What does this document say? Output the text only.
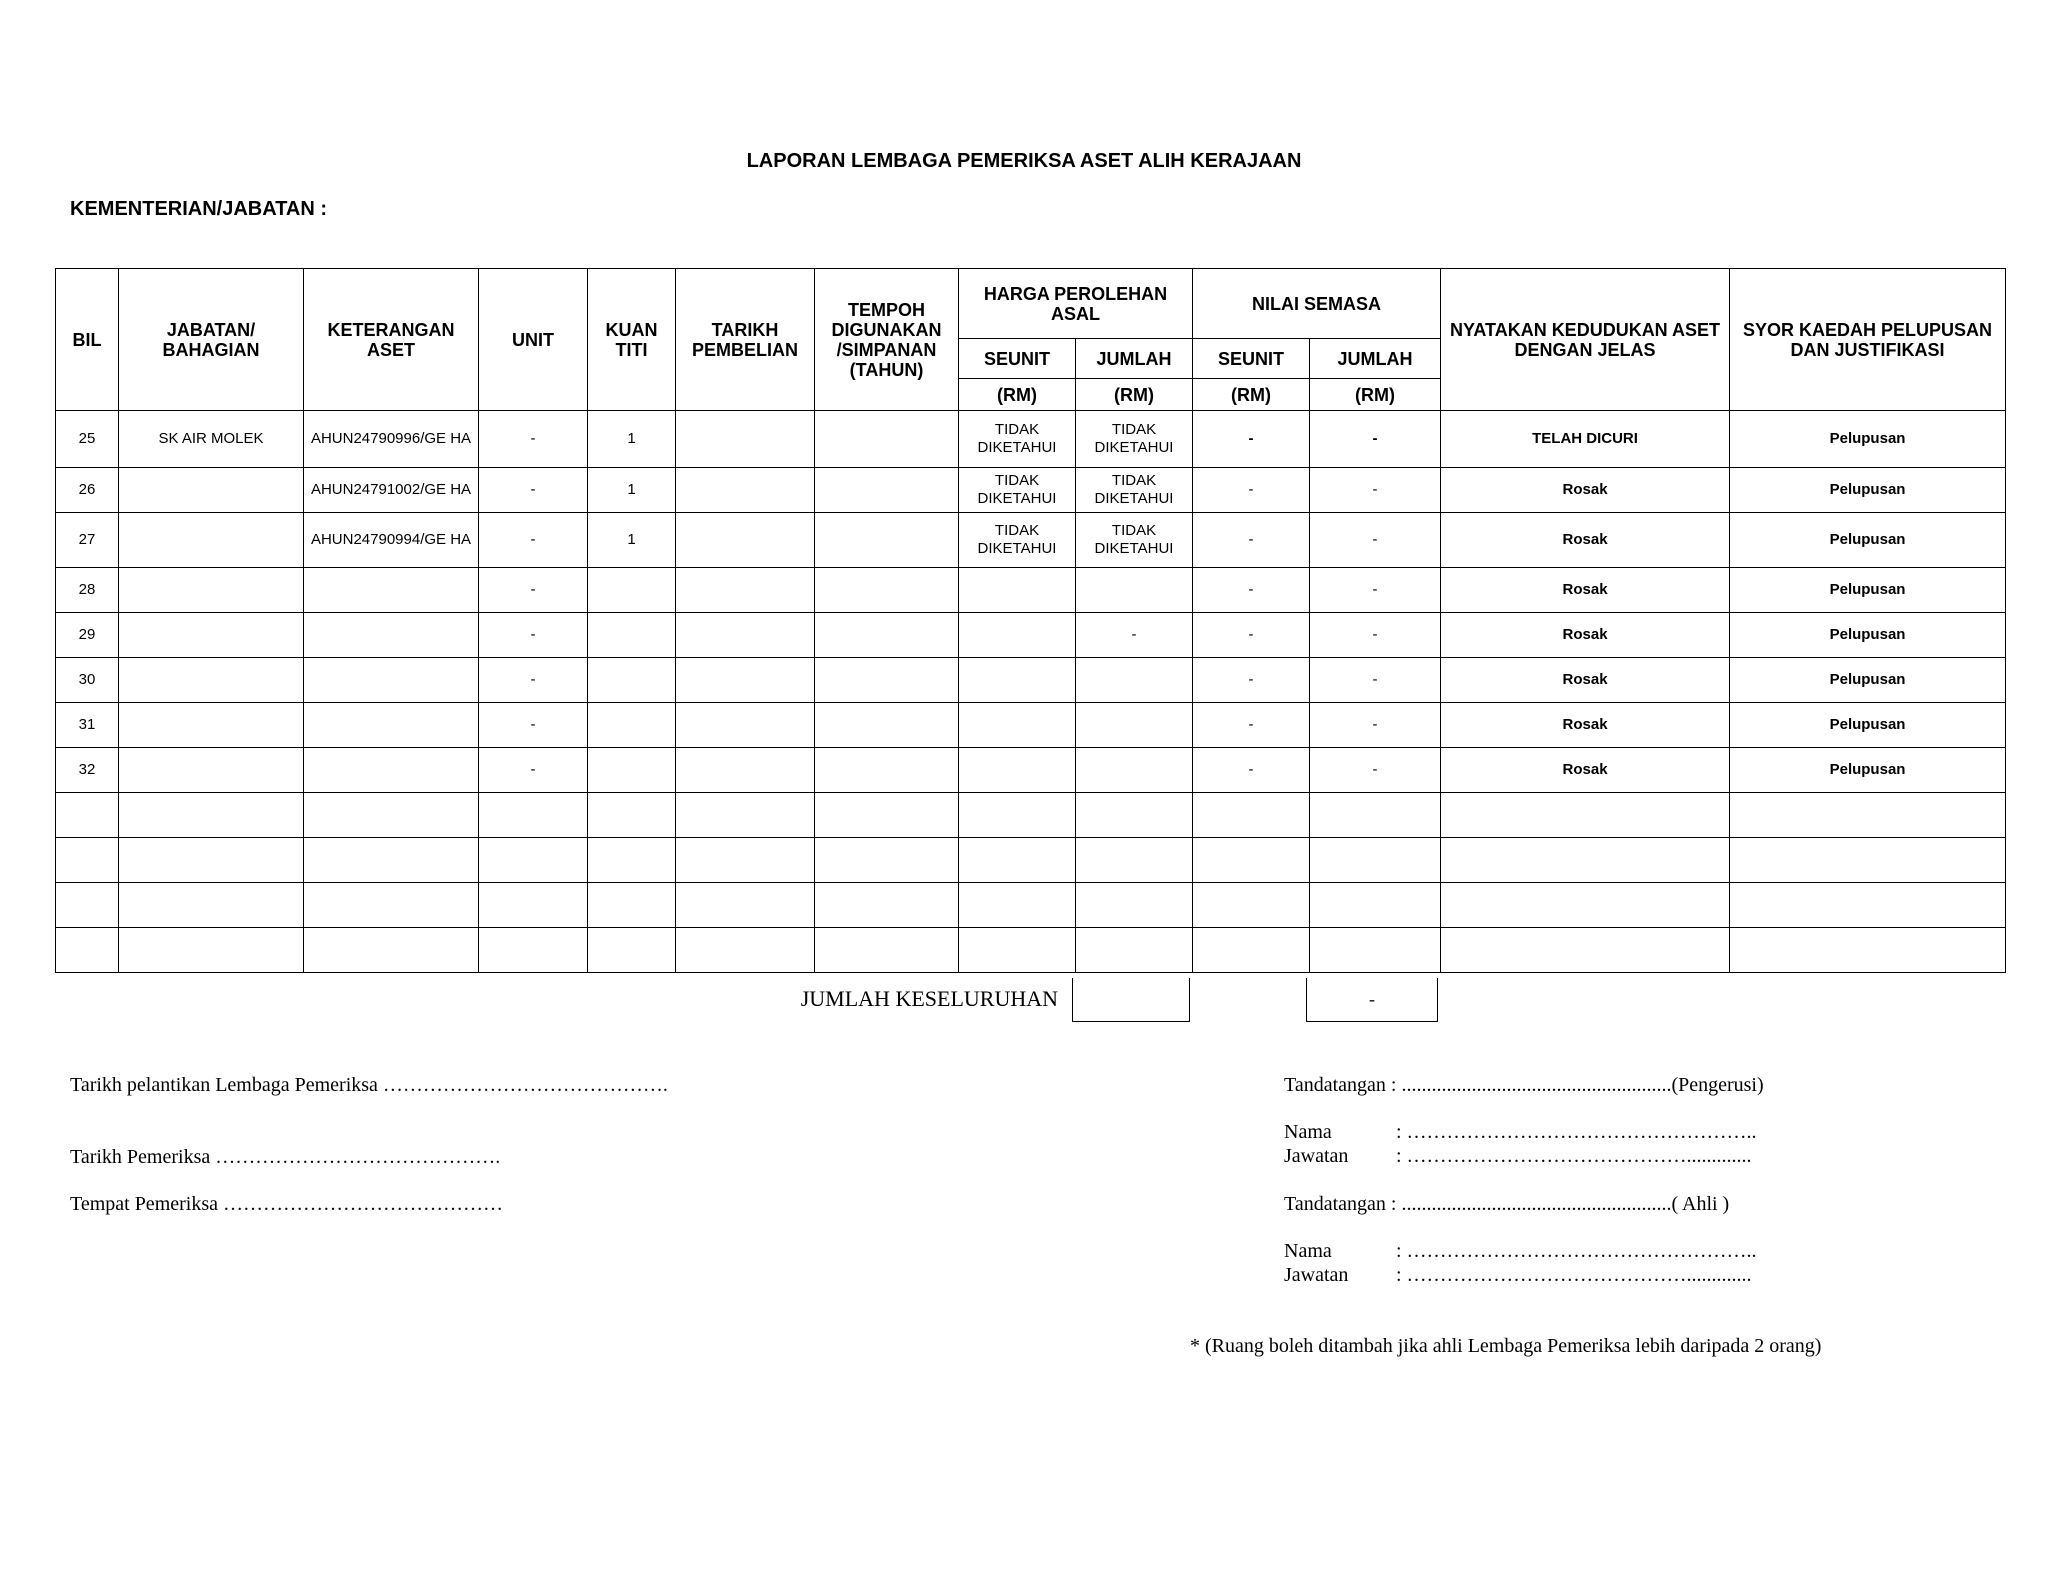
LAPORAN LEMBAGA PEMERIKSA ASET ALIH KERAJAAN
KEMENTERIAN/JABATAN :
BIL	JABATAN/ BAHAGIAN	KETERANGAN ASET	UNIT	KUAN TITI	TARIKH PEMBELIAN	TEMPOH DIGUNAKAN /SIMPANAN (TAHUN)	HARGA PEROLEHAN ASAL		NILAI SEMASA		NYATAKAN KEDUDUKAN ASET DENGAN JELAS	SYOR KAEDAH PELUPUSAN DAN JUSTIFIKASI
							SEUNIT	JUMLAH	SEUNIT	JUMLAH		
							(RM)	(RM)	(RM)	(RM)		
25	SK AIR MOLEK	AHUN24790996/GE HA	-	1			TIDAK DIKETAHUI	TIDAK DIKETAHUI	-	-	TELAH DICURI	Pelupusan
26		AHUN24791002/GE HA	-	1			TIDAK DIKETAHUI	TIDAK DIKETAHUI	-	-	Rosak	Pelupusan
27		AHUN24790994/GE HA	-	1			TIDAK DIKETAHUI	TIDAK DIKETAHUI	-	-	Rosak	Pelupusan
28			-						-	-	Rosak	Pelupusan
29			-					-	-	-	Rosak	Pelupusan
30			-						-	-	Rosak	Pelupusan
31			-						-	-	Rosak	Pelupusan
32			-						-	-	Rosak	Pelupusan

JUMLAH KESELURUHAN	-
Tarikh pelantikan Lembaga Pemeriksa …………………………………….
Tarikh Pemeriksa …………………………………….
Tempat Pemeriksa ……………………………………
Tandatangan : ......................................................(Pengerusi)
Nama	: ……………………………………………..
Jawatan : …………………………………….............
Tandatangan : ......................................................( Ahli )
Nama	: ……………………………………………..
Jawatan : …………………………………….............
* (Ruang boleh ditambah jika ahli Lembaga Pemeriksa lebih daripada 2 orang)
